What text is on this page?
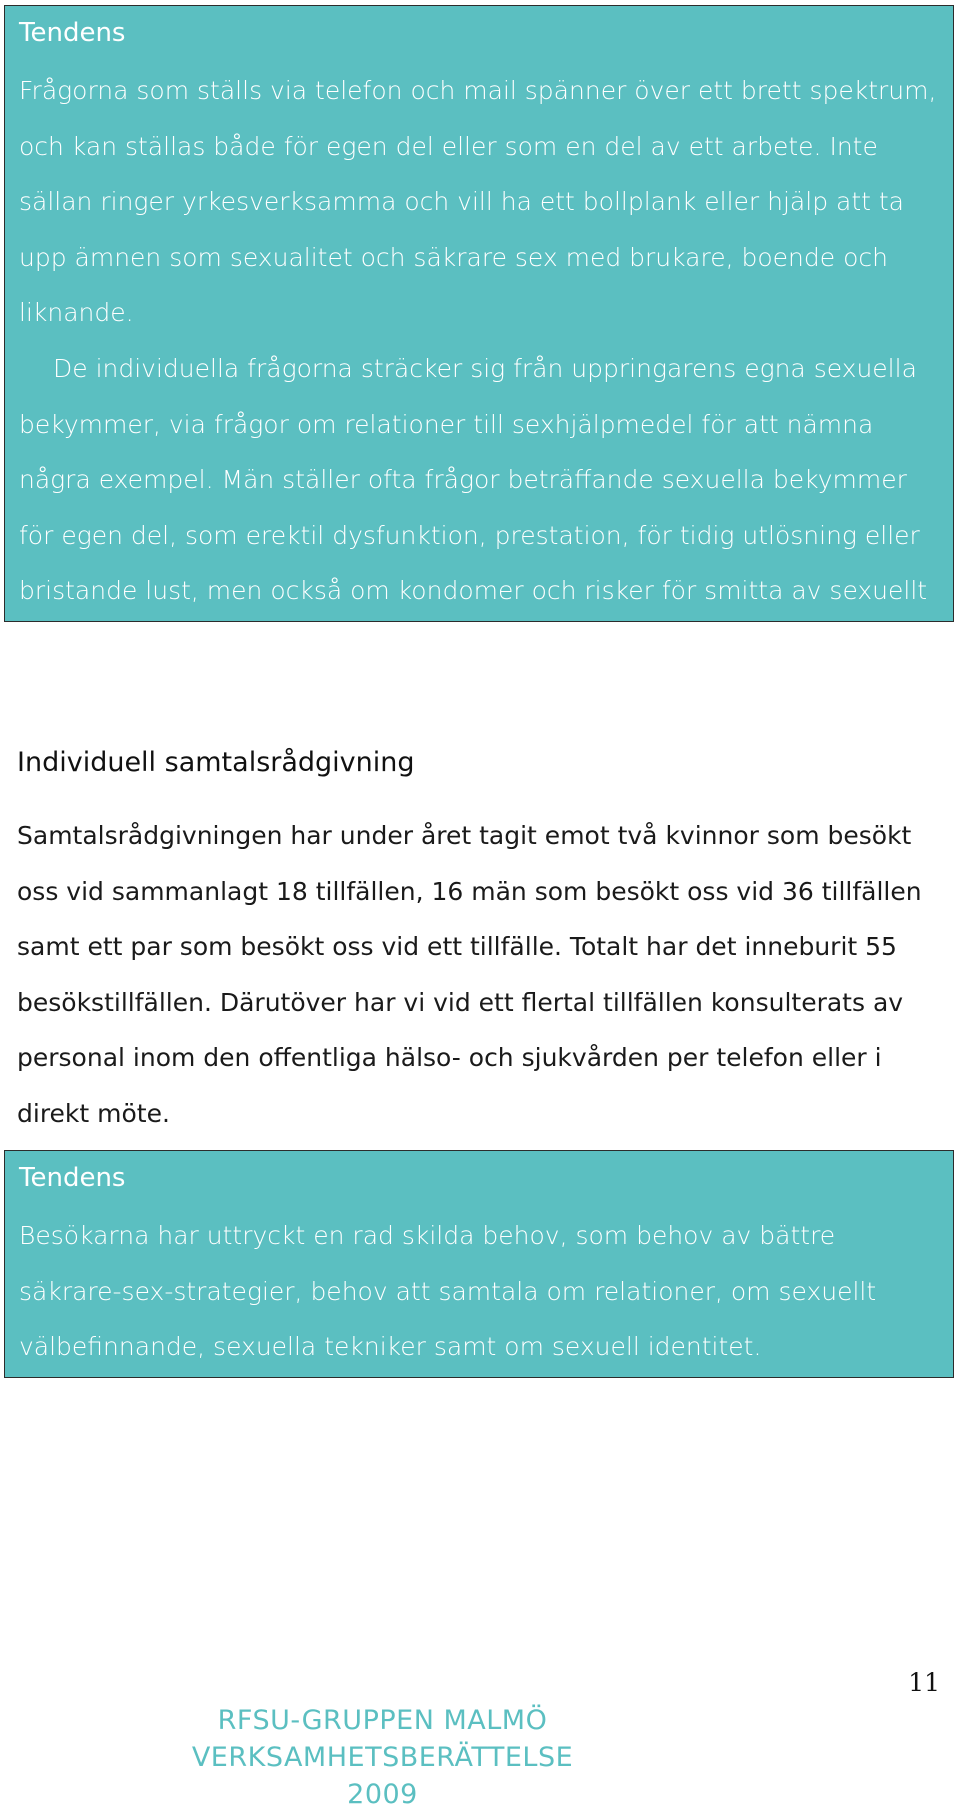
Tendens

Frågorna som ställs via telefon och mail spänner över ett brett spektrum, och kan ställas både för egen del eller som en del av ett arbete. Inte sällan ringer yrkesverksamma och vill ha ett bollplank eller hjälp att ta upp ämnen som sexualitet och säkrare sex med brukare, boende och liknande.

De individuella frågorna sträcker sig från uppringarens egna sexuella bekymmer, via frågor om relationer till sexhjälpmedel för att nämna några exempel. Män ställer ofta frågor beträffande sexuella bekymmer för egen del, som erektil dysfunktion, prestation, för tidig utlösning eller bristande lust, men också om kondomer och risker för smitta av sexuellt överförbara infektioner. Kvinnor frågar främst om lustproblem, smittorisker och relationsproblem.

Individuell samtalsrådgivning

Samtalsrådgivningen har under året tagit emot två kvinnor som besökt oss vid sammanlagt 18 tillfällen, 16 män som besökt oss vid 36 tillfällen samt ett par som besökt oss vid ett tillfälle. Totalt har det inneburit 55 besökstillfällen. Därutöver har vi vid ett flertal tillfällen konsulterats av personal inom den offentliga hälso- och sjukvården per telefon eller i direkt möte.

Tendens

Besökarna har uttryckt en rad skilda behov, som behov av bättre säkrare-sex-strategier, behov att samtala om relationer, om sexuellt välbefinnande, sexuella tekniker samt om sexuell identitet.

11
RFSU-GRUPPEN MALMÖ
VERKSAMHETSBERÄTTELSE
2009
